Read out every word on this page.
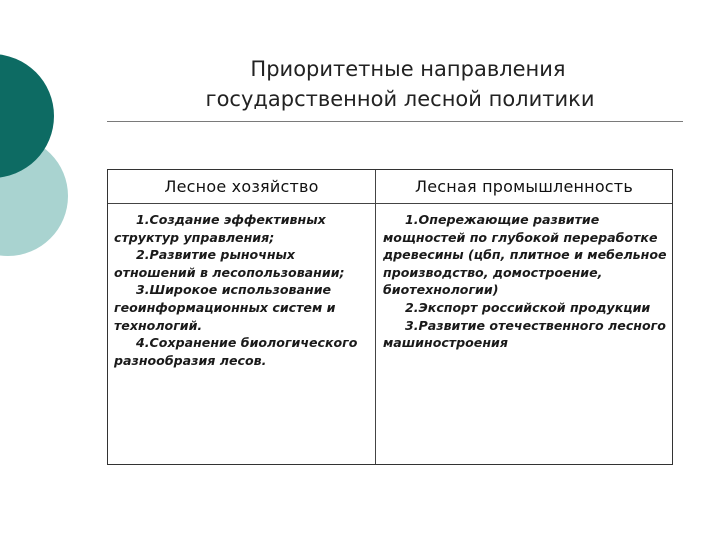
Приоритетные направления
государственной лесной политики
Лесное хозяйство	Лесная промышленность

1.Создание эффективных структур управления;

2.Развитие рыночных отношений в лесопользовании;

3.Широкое использование геоинформационных систем и технологий.

4.Сохранение биологического разнообразия лесов.

1.Опережающие развитие мощностей по глубокой переработке древесины (цбп, плитное и мебельное производство, домостроение, биотехнологии)

2.Экспорт российской продукции

3.Развитие отечественного лесного машиностроения
